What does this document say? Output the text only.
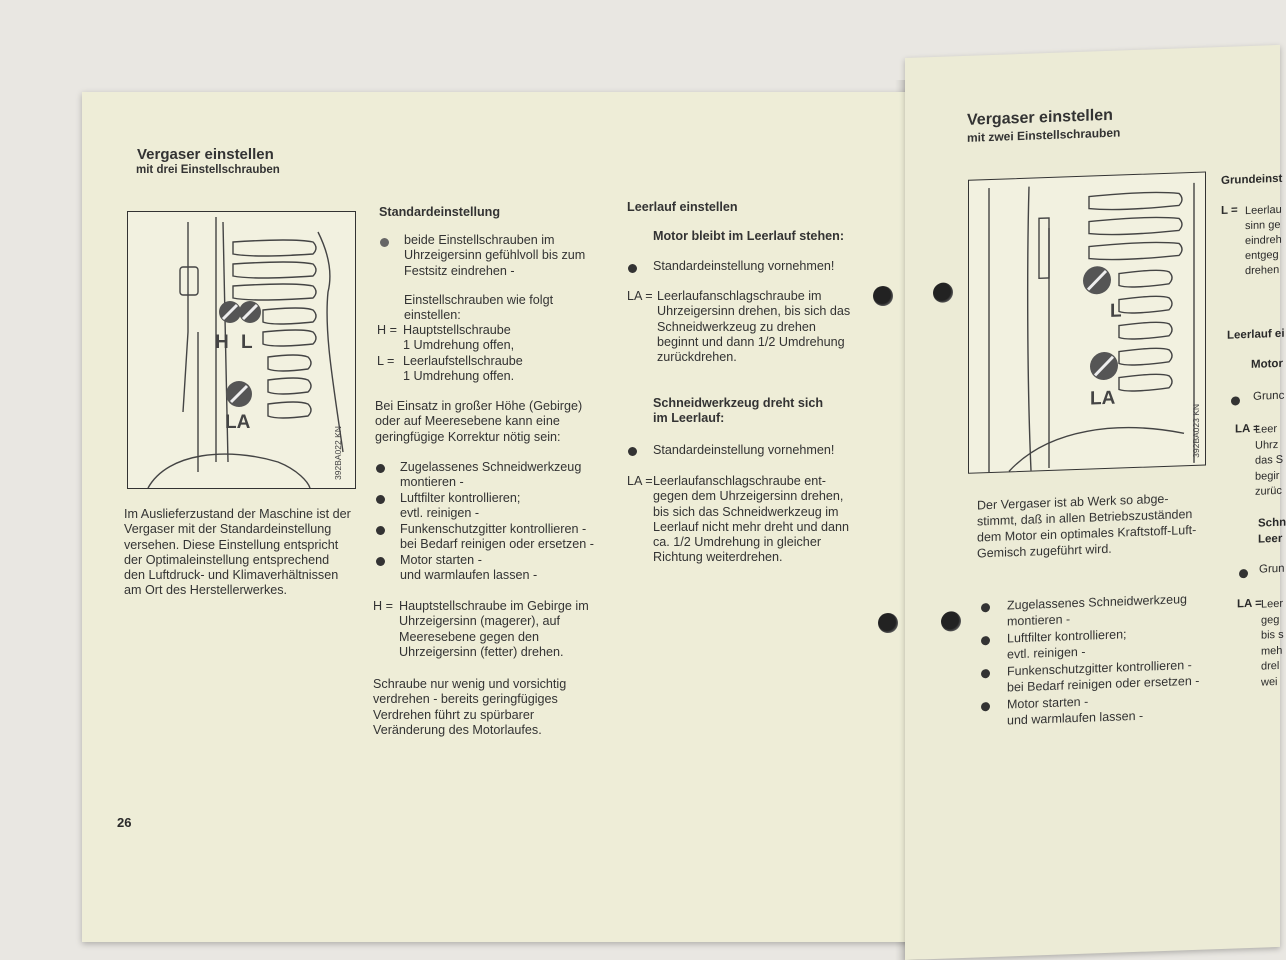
Vergaser einstellen
mit drei Einstellschrauben
H L
LA
392BA022 KN
Im Auslieferzustand der Maschine ist der
Vergaser mit der Standardeinstellung
versehen. Diese Einstellung entspricht
der Optimaleinstellung entsprechend
den Luftdruck- und Klimaverhältnissen
am Ort des Herstellerwerkes.
Standardeinstellung
beide Einstellschrauben im
Uhrzeigersinn gefühlvoll bis zum
Festsitz eindrehen -
Einstellschrauben wie folgt
einstellen:
H = Hauptstellschraube
1 Umdrehung offen,
L = Leerlaufstellschraube
1 Umdrehung offen.
Bei Einsatz in großer Höhe (Gebirge)
oder auf Meeresebene kann eine
geringfügige Korrektur nötig sein:
Zugelassenes Schneidwerkzeug
montieren -
Luftfilter kontrollieren;
evtl. reinigen -
Funkenschutzgitter kontrollieren -
bei Bedarf reinigen oder ersetzen -
Motor starten -
und warmlaufen lassen -
H = Hauptstellschraube im Gebirge im
Uhrzeigersinn (magerer), auf
Meeresebene gegen den
Uhrzeigersinn (fetter) drehen.
Schraube nur wenig und vorsichtig
verdrehen - bereits geringfügiges
Verdrehen führt zu spürbarer
Veränderung des Motorlaufes.
Leerlauf einstellen
Motor bleibt im Leerlauf stehen:
Standardeinstellung vornehmen!
LA = Leerlaufanschlagschraube im
Uhrzeigersinn drehen, bis sich das
Schneidwerkzeug zu drehen
beginnt und dann 1/2 Umdrehung
zurückdrehen.
Schneidwerkzeug dreht sich
im Leerlauf:
Standardeinstellung vornehmen!
LA = Leerlaufanschlagschraube ent-
gegen dem Uhrzeigersinn drehen,
bis sich das Schneidwerkzeug im
Leerlauf nicht mehr dreht und dann
ca. 1/2 Umdrehung in gleicher
Richtung weiterdrehen.
26
Vergaser einstellen
mit zwei Einstellschrauben
L
LA
392BA023 KN
Der Vergaser ist ab Werk so abge-
stimmt, daß in allen Betriebszuständen
dem Motor ein optimales Kraftstoff-Luft-
Gemisch zugeführt wird.
Zugelassenes Schneidwerkzeug
montieren -
Luftfilter kontrollieren;
evtl. reinigen -
Funkenschutzgitter kontrollieren -
bei Bedarf reinigen oder ersetzen -
Motor starten -
und warmlaufen lassen -
Grundeinst
L = Leerlau
sinn ge
eindreh
entgeg
drehen
Leerlauf ei
Motor
Grunc
LA =
Leer
Uhrz
das S
begir
zurüc
Schn
Leer
Grun
LA = Leer
geg
bis s
meh
drel
wei
